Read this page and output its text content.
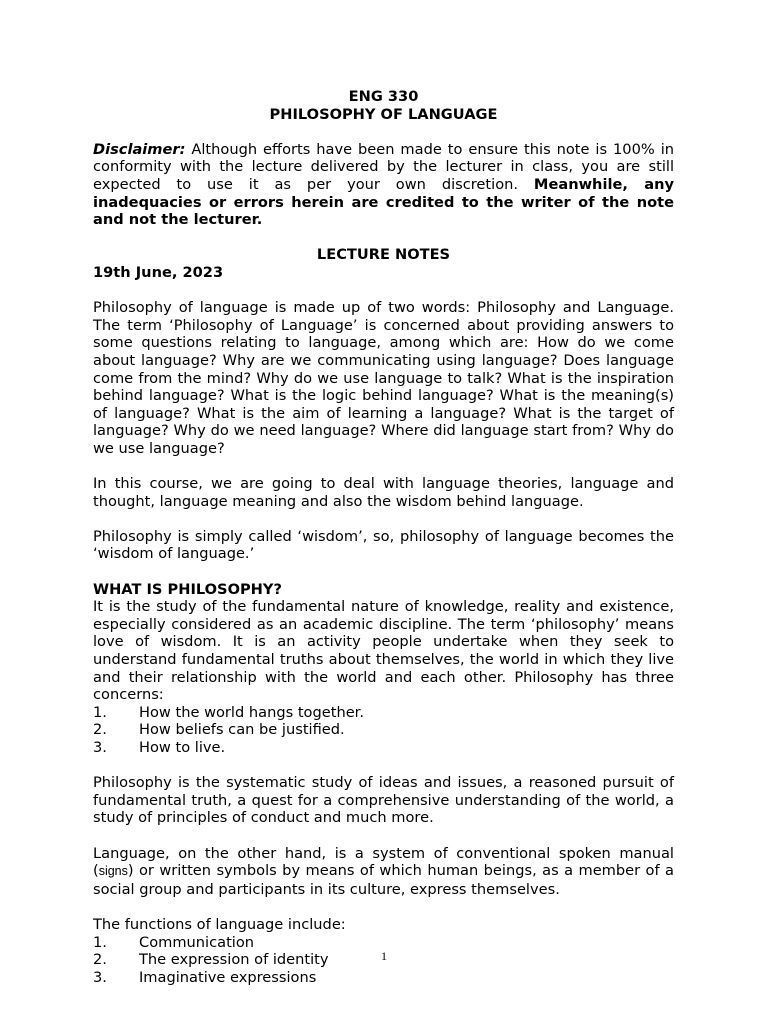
ENG 330
PHILOSOPHY OF LANGUAGE

Disclaimer: Although efforts have been made to ensure this note is 100% in conformity with the lecture delivered by the lecturer in class, you are still expected to use it as per your own discretion. Meanwhile, any inadequacies or errors herein are credited to the writer of the note and not the lecturer.

LECTURE NOTES
19th June, 2023

Philosophy of language is made up of two words: Philosophy and Language. The term ‘Philosophy of Language’ is concerned about providing answers to some questions relating to language, among which are: How do we come about language? Why are we communicating using language? Does language come from the mind? Why do we use language to talk? What is the inspiration behind language? What is the logic behind language? What is the meaning(s) of language? What is the aim of learning a language? What is the target of language? Why do we need language? Where did language start from? Why do we use language?

In this course, we are going to deal with language theories, language and thought, language meaning and also the wisdom behind language.

Philosophy is simply called ‘wisdom’, so, philosophy of language becomes the ‘wisdom of language.’

WHAT IS PHILOSOPHY?

It is the study of the fundamental nature of knowledge, reality and existence, especially considered as an academic discipline. The term ‘philosophy’ means love of wisdom. It is an activity people undertake when they seek to understand fundamental truths about themselves, the world in which they live and their relationship with the world and each other. Philosophy has three concerns:

1.	How the world hangs together.
2.	How beliefs can be justified.
3.	How to live.

Philosophy is the systematic study of ideas and issues, a reasoned pursuit of fundamental truth, a quest for a comprehensive understanding of the world, a study of principles of conduct and much more.

Language, on the other hand, is a system of conventional spoken manual (signs) or written symbols by means of which human beings, as a member of a social group and participants in its culture, express themselves.

The functions of language include:
1.	Communication
2.	The expression of identity
3.	Imaginative expressions
1
